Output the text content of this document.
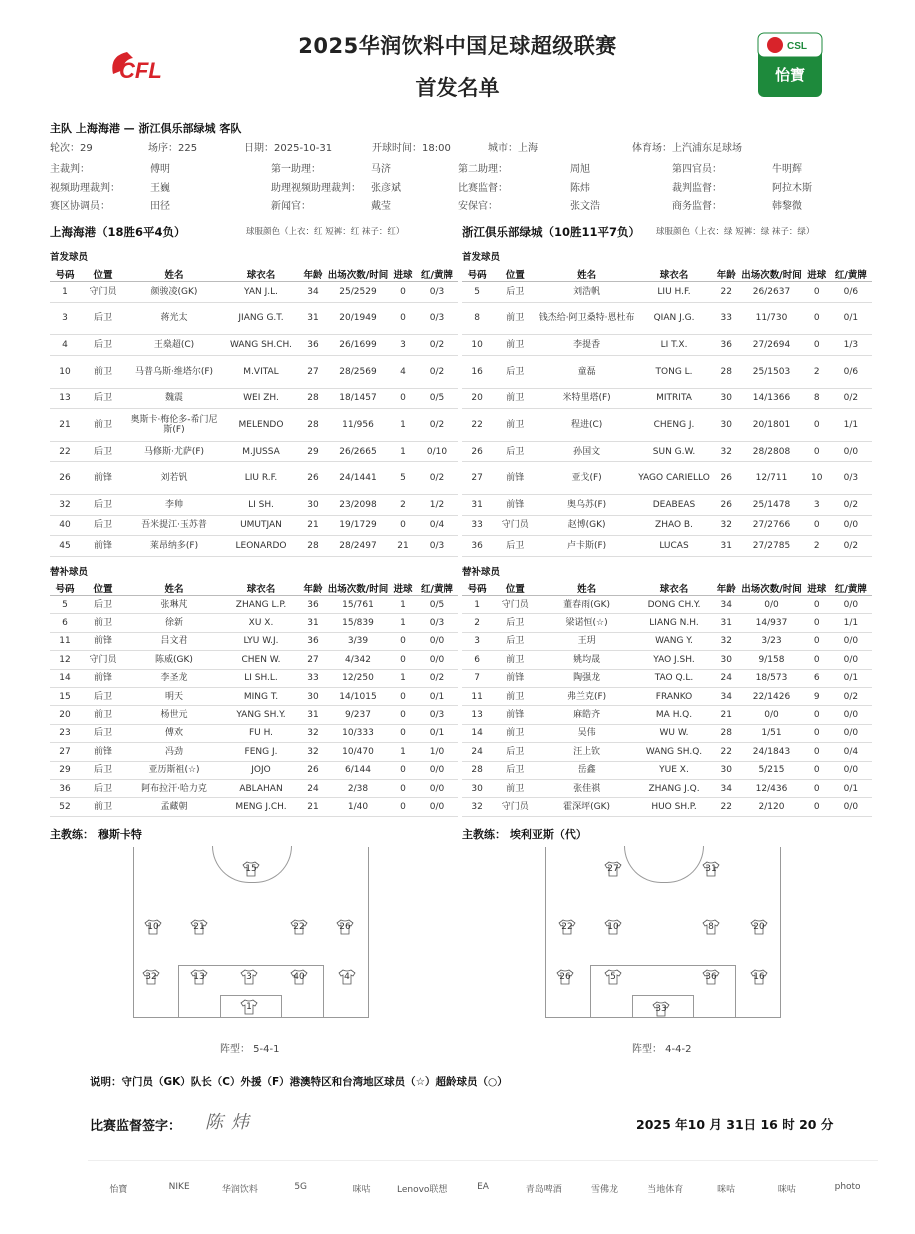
2025华润饮料中国足球超级联赛
首发名单
CFL
CSL
怡寶
主队 上海海港 — 浙江俱乐部绿城 客队
轮次：29	场序：225	日期：2025-10-31	开球时间：18:00	城市：上海	体育场：上汽浦东足球场
主裁判：	傅明	第一助理：	马济	第二助理：	周旭	第四官员：	牛明辉
视频助理裁判：	王巍	助理视频助理裁判： 张彦斌	比赛监督：	陈炜	裁判监督：	阿拉木斯
赛区协调员：	田径	新闻官：	戴莹	安保官：	张文浩	商务监督：	韩黎微
上海海港（18胜6平4负）	球服颜色（上衣：红 短裤：红 袜子：红）	浙江俱乐部绿城（10胜11平7负） 球服颜色（上衣：绿 短裤：绿 袜子：绿）
首发球员	首发球员
号码	位置	姓名	球衣名	年龄	出场次数/时间	进球	红/黄牌
1	守门员	颜骏凌(GK)	YAN J.L.	34	25/2529	0	0/3
3	后卫	蒋光太	JIANG G.T.	31	20/1949	0	0/3
4	后卫	王燊超(C)	WANG SH.CH.	36	26/1699	3	0/2
10	前卫	马普乌斯·维塔尔(F)	M.VITAL	27	28/2569	4	0/2
13	后卫	魏震	WEI ZH.	28	18/1457	0	0/5
21	前卫	奥斯卡·梅伦多-希门尼斯(F)	MELENDO	28	11/956	1	0/2
22	后卫	马修斯·尤萨(F)	M.JUSSA	29	26/2665	1	0/10
26	前锋	刘若钒	LIU R.F.	26	24/1441	5	0/2
32	后卫	李帅	LI SH.	30	23/2098	2	1/2
40	后卫	吾米提江·玉苏普	UMUTJAN	21	19/1729	0	0/4
45	前锋	莱昂纳多(F)	LEONARDO	28	28/2497	21	0/3
号码	位置	姓名	球衣名	年龄	出场次数/时间	进球	红/黄牌
5	后卫	刘浩帆	LIU H.F.	22	26/2637	0	0/6
8	前卫	钱杰给·阿卫桑特·恩杜布	QIAN J.G.	33	11/730	0	0/1
10	前卫	李提香	LI T.X.	36	27/2694	0	1/3
16	后卫	童磊	TONG L.	28	25/1503	2	0/6
20	前卫	米特里塔(F)	MITRITA	30	14/1366	8	0/2
22	前卫	程进(C)	CHENG J.	30	20/1801	0	1/1
26	后卫	孙国文	SUN G.W.	32	28/2808	0	0/0
27	前锋	亚戈(F)	YAGO CARIELLO	26	12/711	10	0/3
31	前锋	奥乌苏(F)	DEABEAS	26	25/1478	3	0/2
33	守门员	赵博(GK)	ZHAO B.	32	27/2766	0	0/0
36	后卫	卢卡斯(F)	LUCAS	31	27/2785	2	0/2
替补球员	替补球员
号码	位置	姓名	球衣名	年龄	出场次数/时间	进球	红/黄牌
5	后卫	张琳芃	ZHANG L.P.	36	15/761	1	0/5
6	前卫	徐新	XU X.	31	15/839	1	0/3
11	前锋	吕文君	LYU W.J.	36	3/39	0	0/0
12	守门员	陈威(GK)	CHEN W.	27	4/342	0	0/0
14	前锋	李圣龙	LI SH.L.	33	12/250	1	0/2
15	后卫	明天	MING T.	30	14/1015	0	0/1
20	前卫	杨世元	YANG SH.Y.	31	9/237	0	0/3
23	后卫	傅欢	FU H.	32	10/333	0	0/1
27	前锋	冯劲	FENG J.	32	10/470	1	1/0
29	后卫	亚历斯祖(☆)	JOJO	26	6/144	0	0/0
36	后卫	阿布拉汗·哈力克	ABLAHAN	24	2/38	0	0/0
52	前卫	孟藏朝	MENG J.CH.	21	1/40	0	0/0
号码	位置	姓名	球衣名	年龄	出场次数/时间	进球	红/黄牌
1	守门员	董春雨(GK)	DONG CH.Y.	34	0/0	0	0/0
2	后卫	梁诺恒(☆)	LIANG N.H.	31	14/937	0	1/1
3	后卫	王玥	WANG Y.	32	3/23	0	0/0
6	前卫	姚均晟	YAO J.SH.	30	9/158	0	0/0
7	前锋	陶强龙	TAO Q.L.	24	18/573	6	0/1
11	前卫	弗兰克(F)	FRANKO	34	22/1426	9	0/2
13	前锋	麻皓齐	MA H.Q.	21	0/0	0	0/0
14	前卫	吴伟	WU W.	28	1/51	0	0/0
24	后卫	汪上钦	WANG SH.Q.	22	24/1843	0	0/4
28	后卫	岳鑫	YUE X.	30	5/215	0	0/0
30	前卫	张佳祺	ZHANG J.Q.	34	12/436	0	0/1
32	守门员	霍深坪(GK)	HUO SH.P.	22	2/120	0	0/0
主教练： 穆斯卡特	主教练： 埃利亚斯（代）
15
10	21	22	26
32	13	3	40	4
1
27	31
22	10	8	20
26	5	36	16
33
阵型： 5-4-1	阵型： 4-4-2
说明：守门员（GK）队长（C）外援（F）港澳特区和台湾地区球员（☆）超龄球员（○）
比赛监督签字： 陈炜	2025 年10 月 31日 16 时 20 分
怡寶	NIKE	华润饮料	5G	咪咕	Lenovo联想	EA	青岛啤酒	雪佛龙	当地体育	咪咕	咪咕	photo
